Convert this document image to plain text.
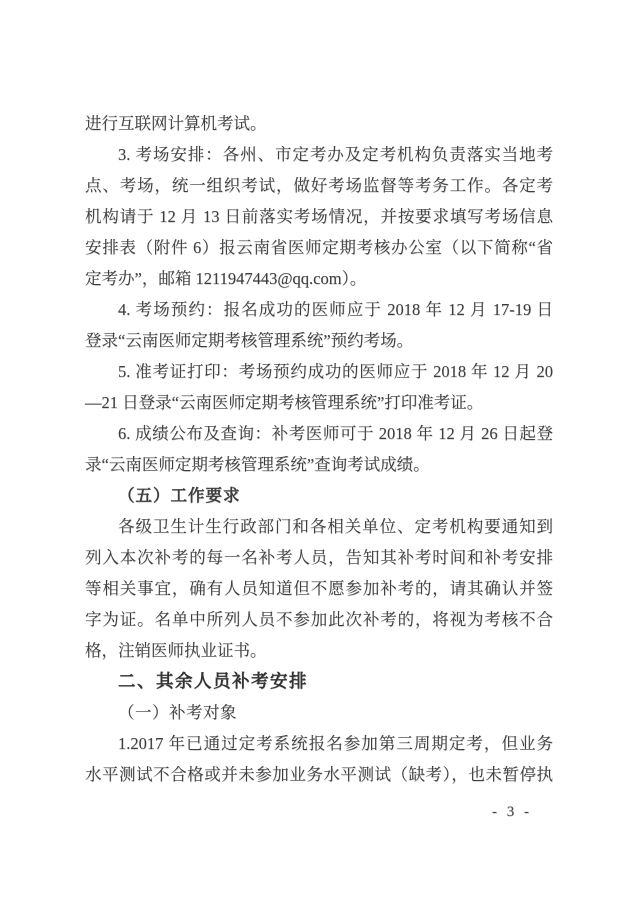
进行互联网计算机考试。
3. 考场安排：各州、市定考办及定考机构负责落实当地考
点、考场，统一组织考试，做好考场监督等考务工作。各定考
机构请于 12 月 13 日前落实考场情况，并按要求填写考场信息
安排表（附件 6）报云南省医师定期考核办公室（以下简称“省
定考办”，邮箱 1211947443@qq.com）。
4. 考场预约：报名成功的医师应于 2018 年 12 月 17-19 日
登录“云南医师定期考核管理系统”预约考场。
5. 准考证打印：考场预约成功的医师应于 2018 年 12 月 20
—21 日登录“云南医师定期考核管理系统”打印准考证。
6. 成绩公布及查询：补考医师可于 2018 年 12 月 26 日起登
录“云南医师定期考核管理系统”查询考试成绩。
（五）工作要求
各级卫生计生行政部门和各相关单位、定考机构要通知到
列入本次补考的每一名补考人员，告知其补考时间和补考安排
等相关事宜，确有人员知道但不愿参加补考的，请其确认并签
字为证。名单中所列人员不参加此次补考的，将视为考核不合
格，注销医师执业证书。
二、其余人员补考安排
（一）补考对象
1.2017 年已通过定考系统报名参加第三周期定考，但业务
水平测试不合格或并未参加业务水平测试（缺考），也未暂停执
- 3 -
